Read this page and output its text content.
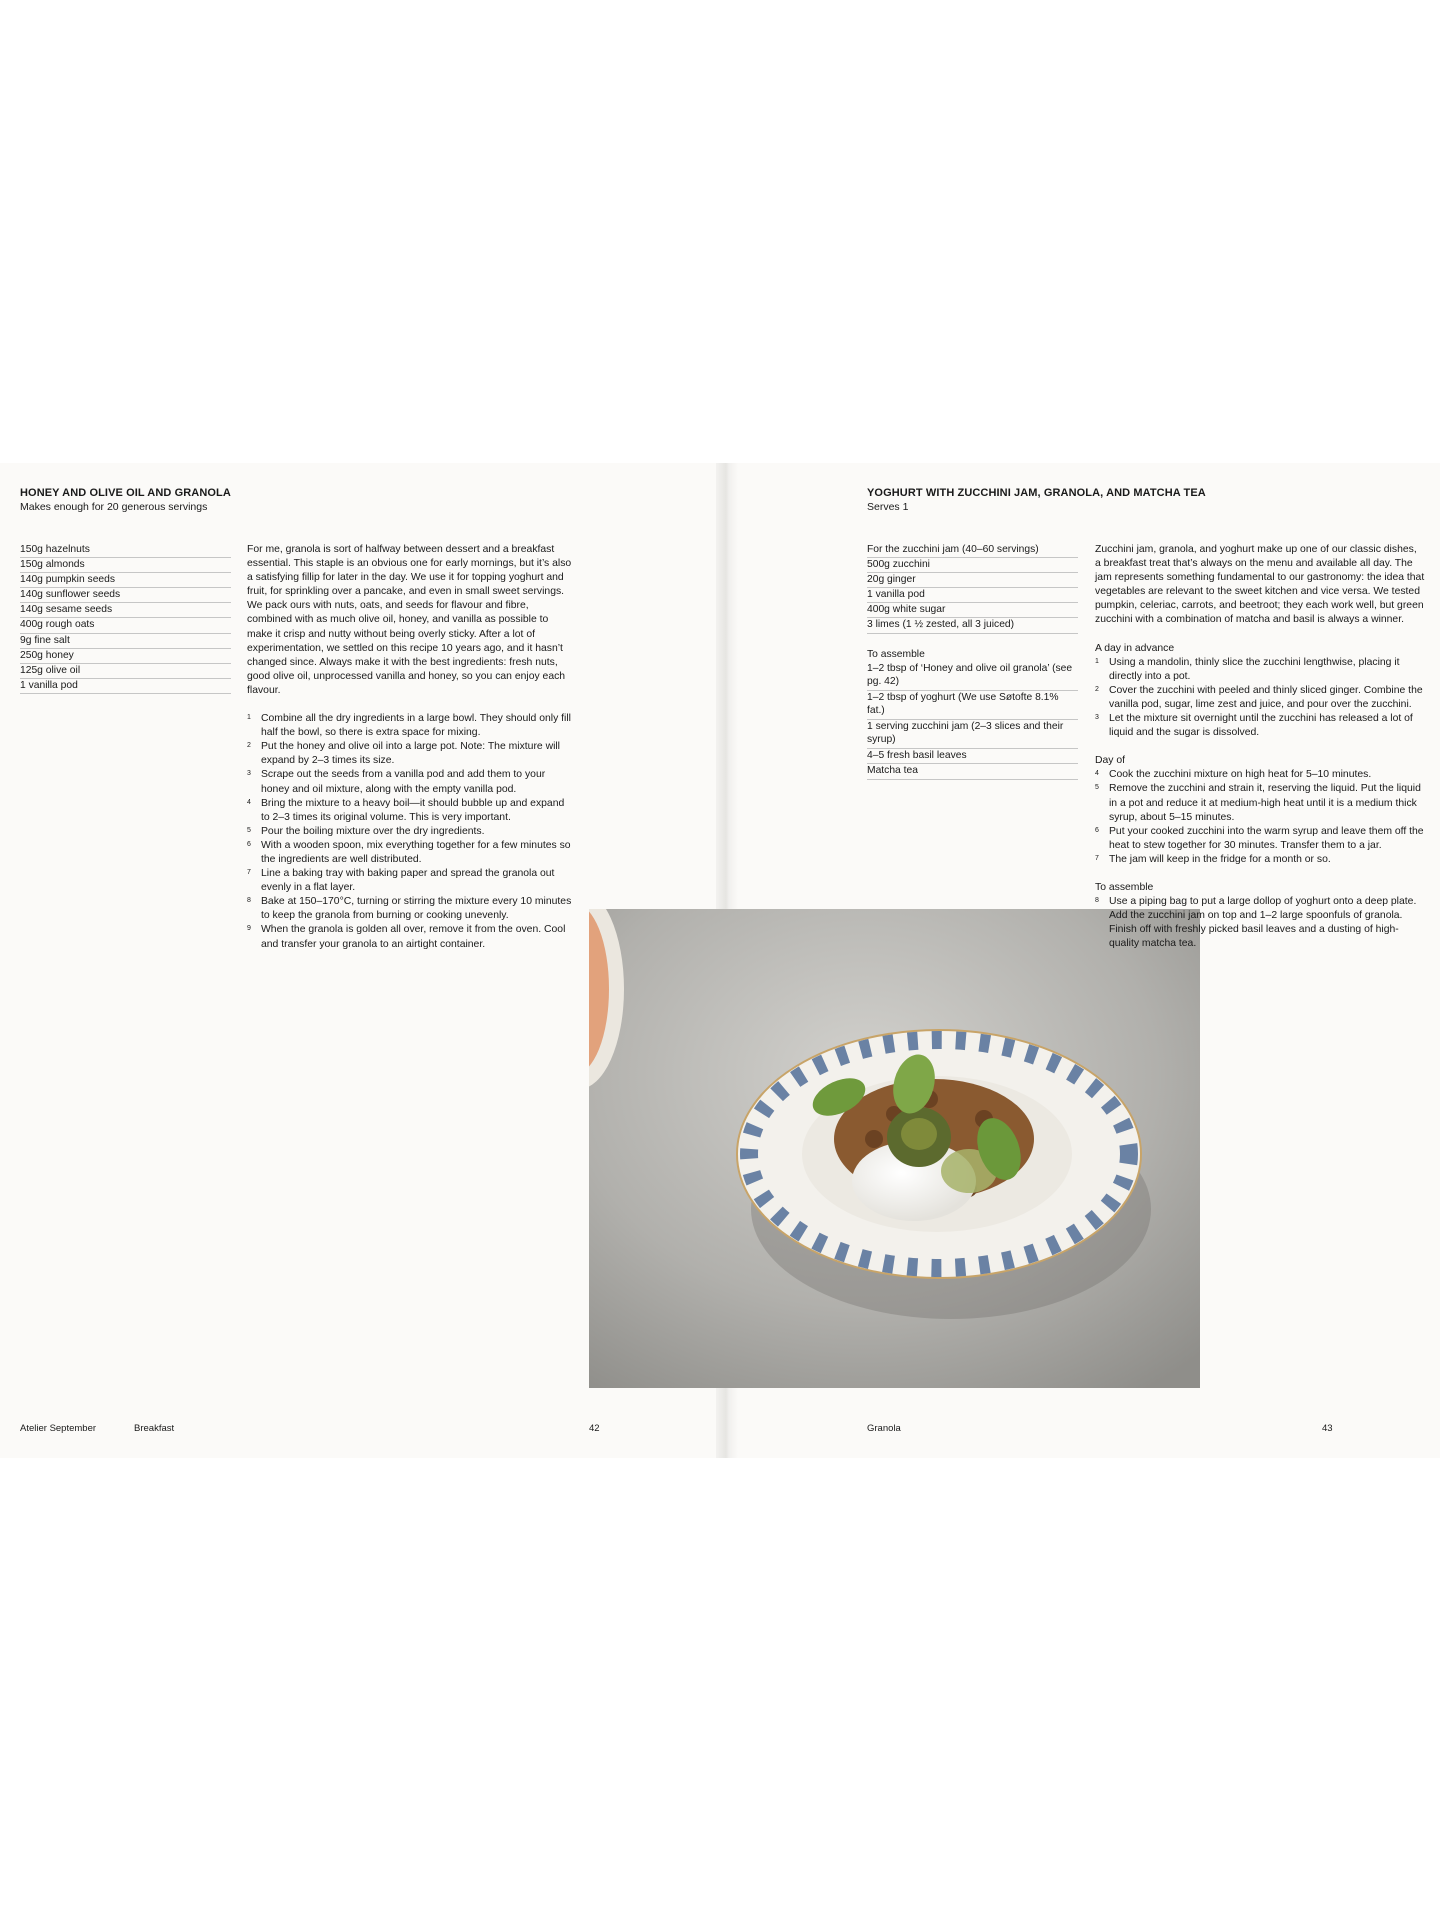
HONEY AND OLIVE OIL AND GRANOLA
Makes enough for 20 generous servings
150g hazelnuts
150g almonds
140g pumpkin seeds
140g sunflower seeds
140g sesame seeds
400g rough oats
9g fine salt
250g honey
125g olive oil
1 vanilla pod
For me, granola is sort of halfway between dessert and a breakfast essential. This staple is an obvious one for early mornings, but it’s also a satisfying fillip for later in the day. We use it for topping yoghurt and fruit, for sprinkling over a pancake, and even in small sweet servings. We pack ours with nuts, oats, and seeds for flavour and fibre, combined with as much olive oil, honey, and vanilla as possible to make it crisp and nutty without being overly sticky. After a lot of experimentation, we settled on this recipe 10 years ago, and it hasn’t changed since. Always make it with the best ingredients: fresh nuts, good olive oil, unprocessed vanilla and honey, so you can enjoy each flavour.
1 Combine all the dry ingredients in a large bowl. They should only fill half the bowl, so there is extra space for mixing.
2 Put the honey and olive oil into a large pot. Note: The mixture will expand by 2–3 times its size.
3 Scrape out the seeds from a vanilla pod and add them to your honey and oil mixture, along with the empty vanilla pod.
4 Bring the mixture to a heavy boil—it should bubble up and expand to 2–3 times its original volume. This is very important.
5 Pour the boiling mixture over the dry ingredients.
6 With a wooden spoon, mix everything together for a few minutes so the ingredients are well distributed.
7 Line a baking tray with baking paper and spread the granola out evenly in a flat layer.
8 Bake at 150–170°C, turning or stirring the mixture every 10 minutes to keep the granola from burning or cooking unevenly.
9 When the granola is golden all over, remove it from the oven. Cool and transfer your granola to an airtight container.
Atelier September	Breakfast	42
YOGHURT WITH ZUCCHINI JAM, GRANOLA, AND MATCHA TEA
Serves 1
For the zucchini jam (40–60 servings)
500g zucchini
20g ginger
1 vanilla pod
400g white sugar
3 limes (1 ½ zested, all 3 juiced)
To assemble
1–2 tbsp of ‘Honey and olive oil granola’ (see pg. 42)
1–2 tbsp of yoghurt (We use Søtofte 8.1% fat.)
1 serving zucchini jam (2–3 slices and their syrup)
4–5 fresh basil leaves
Matcha tea
Zucchini jam, granola, and yoghurt make up one of our classic dishes, a breakfast treat that’s always on the menu and available all day. The jam represents something fundamental to our gastronomy: the idea that vegetables are relevant to the sweet kitchen and vice versa. We tested pumpkin, celeriac, carrots, and beetroot; they each work well, but green zucchini with a combination of matcha and basil is always a winner.
A day in advance
1 Using a mandolin, thinly slice the zucchini lengthwise, placing it directly into a pot.
2 Cover the zucchini with peeled and thinly sliced ginger. Combine the vanilla pod, sugar, lime zest and juice, and pour over the zucchini.
3 Let the mixture sit overnight until the zucchini has released a lot of liquid and the sugar is dissolved.
Day of
4 Cook the zucchini mixture on high heat for 5–10 minutes.
5 Remove the zucchini and strain it, reserving the liquid. Put the liquid in a pot and reduce it at medium-high heat until it is a medium thick syrup, about 5–15 minutes.
6 Put your cooked zucchini into the warm syrup and leave them off the heat to stew together for 30 minutes. Transfer them to a jar.
7 The jam will keep in the fridge for a month or so.
To assemble
8 Use a piping bag to put a large dollop of yoghurt onto a deep plate. Add the zucchini jam on top and 1–2 large spoonfuls of granola. Finish off with freshly picked basil leaves and a dusting of high-quality matcha tea.
Granola	43
